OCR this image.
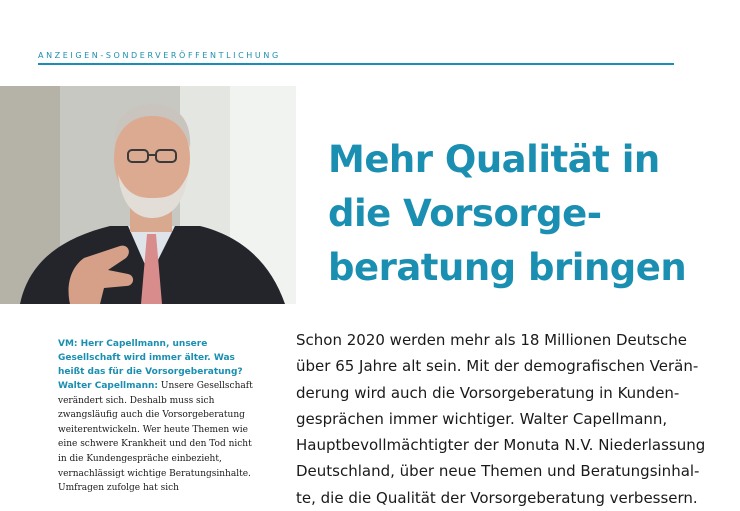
ANZEIGEN-SONDERVERÖFFENTLICHUNG
Mehr Qualität in
die Vorsorge-
beratung bringen

VM: Herr Capellmann, unsere Gesellschaft wird immer älter. Was heißt das für die Vorsorgeberatung?

Walter Capellmann: Unsere Gesellschaft verändert sich. Deshalb muss sich zwangsläufig auch die Vorsorgeberatung weiterentwickeln. Wer heute Themen wie eine schwere Krankheit und den Tod nicht in die Kundengespräche einbezieht, vernachlässigt wichtige Beratungsinhalte. Umfragen zufolge hat sich

Schon 2020 werden mehr als 18 Millionen Deutsche
über 65 Jahre alt sein. Mit der demografischen Verän-
derung wird auch die Vorsorgeberatung in Kunden-
gesprächen immer wichtiger. Walter Capellmann,
Hauptbevollmächtigter der Monuta N.V. Niederlassung
Deutschland, über neue Themen und Beratungsinhal-
te, die die Qualität der Vorsorgeberatung verbessern.
